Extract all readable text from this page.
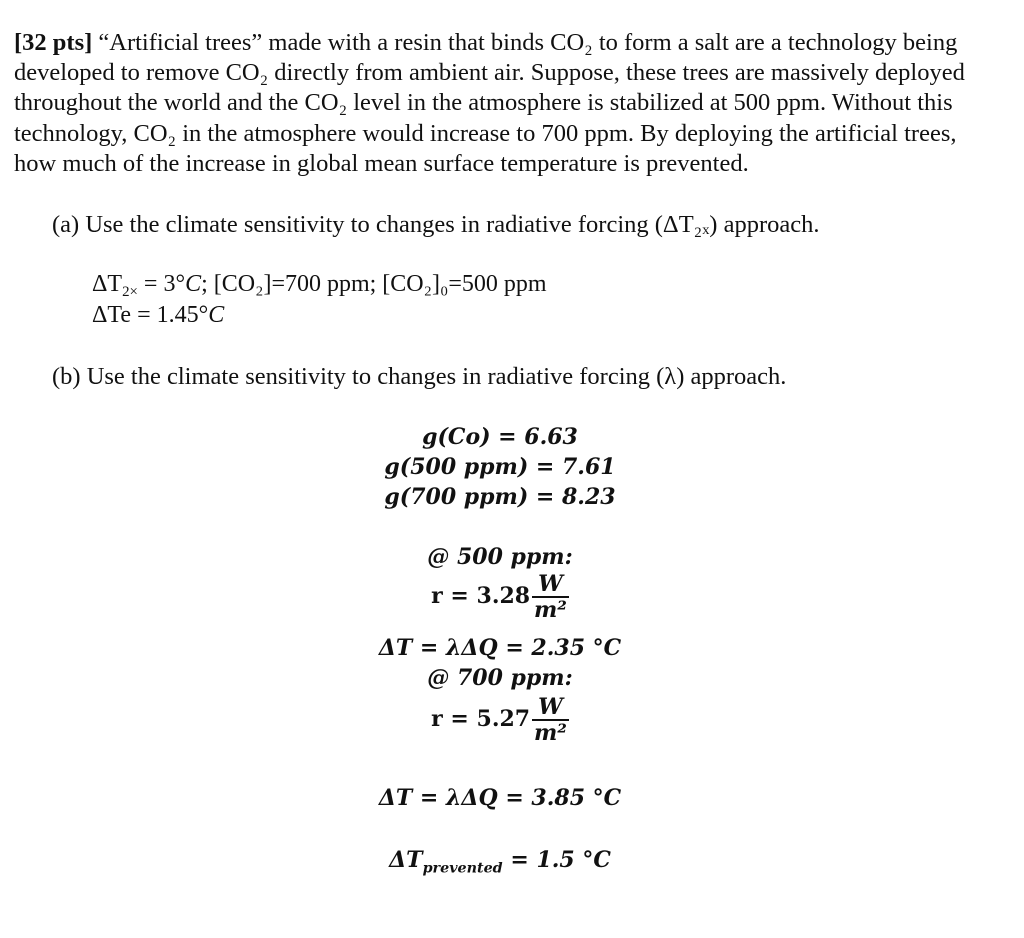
[32 pts] “Artificial trees” made with a resin that binds CO₂ to form a salt are a technology being developed to remove CO₂ directly from ambient air. Suppose, these trees are massively deployed throughout the world and the CO₂ level in the atmosphere is stabilized at 500 ppm. Without this technology, CO₂ in the atmosphere would increase to 700 ppm. By deploying the artificial trees, how much of the increase in global mean surface temperature is prevented.
(a) Use the climate sensitivity to changes in radiative forcing (ΔT₂ₓ) approach.
$\Delta T_{2\times} = 3^\circ C$; [CO₂]=700 ppm; [CO₂]₀=500 ppm
ΔTe = 1.45°C
(b) Use the climate sensitivity to changes in radiative forcing (λ) approach.
g(Co) = 6.63
g(500 ppm) = 7.61
g(700 ppm) = 8.23
@ 500 ppm:
$r = 3.28 \frac{W}{\text{m²}}$
ΔT = λΔQ = 2.35 °C
@ 700 ppm:
$r = 5.27 \frac{W}{\text{m²}}$
ΔT = λΔQ = 3.85 °C
$\Delta T_{prevented} = 1.5$ °C
